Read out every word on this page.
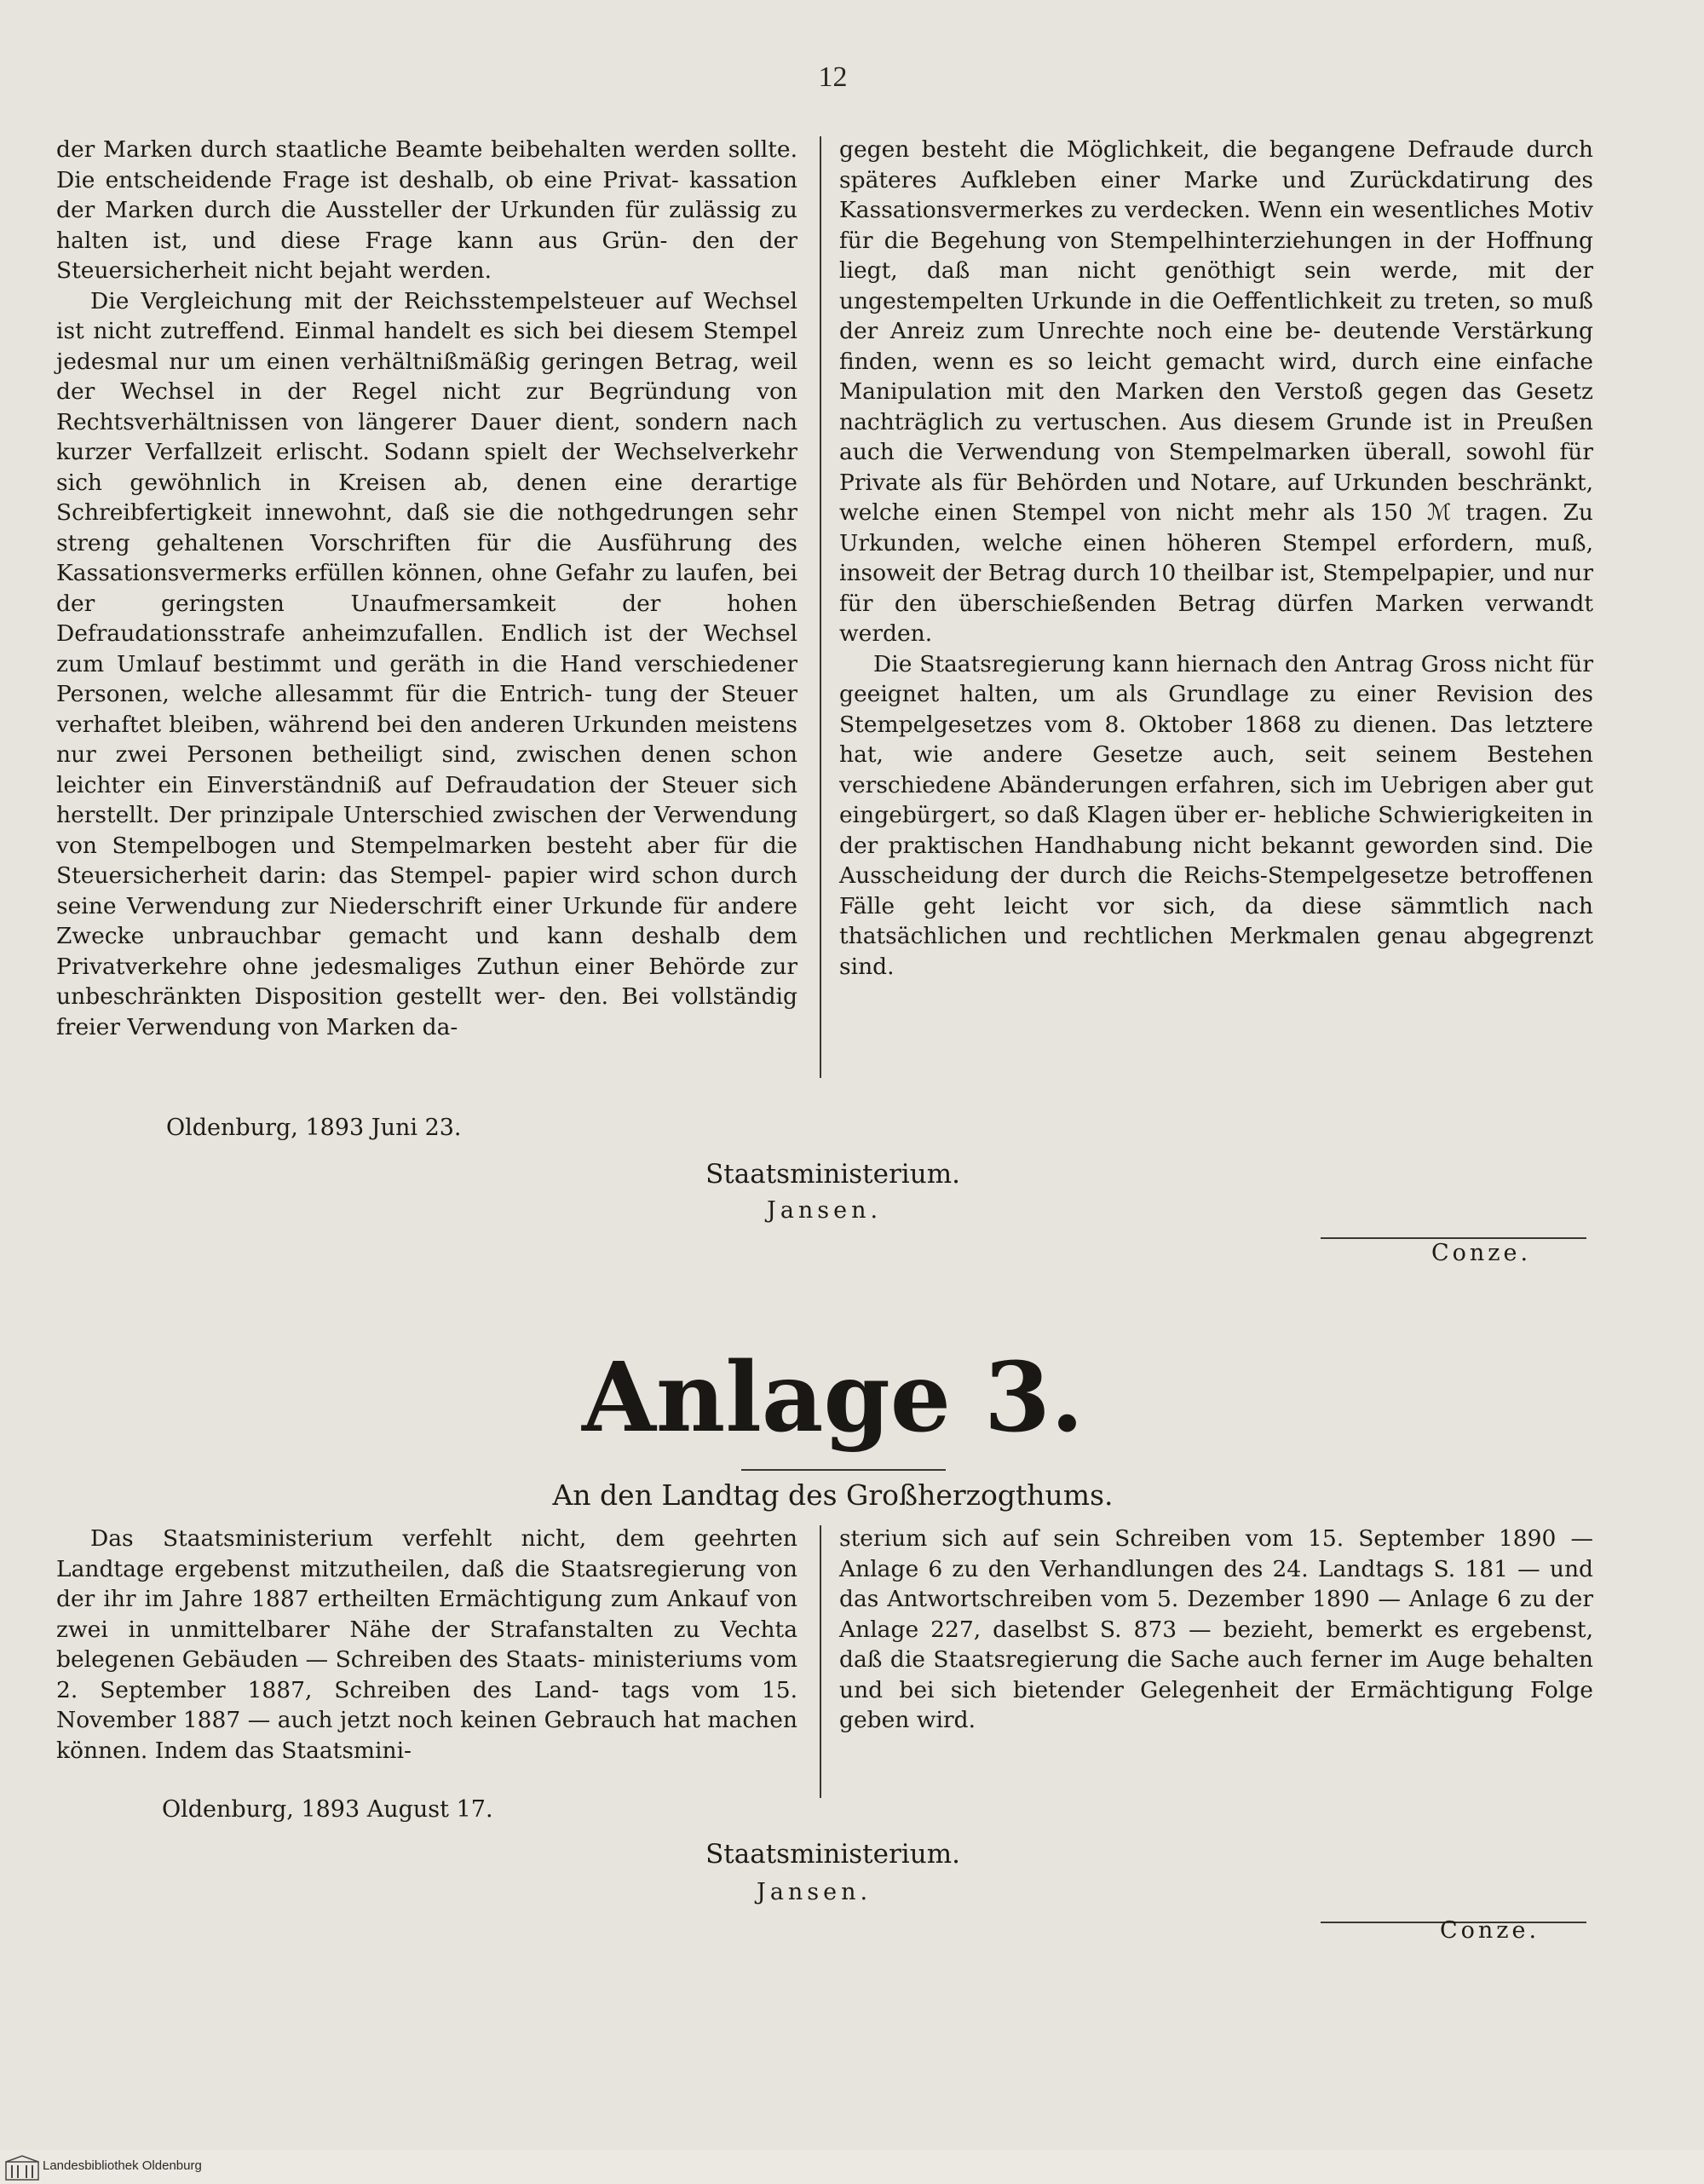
12

der Marken durch staatliche Beamte beibehalten werden sollte. Die entscheidende Frage ist deshalb, ob eine Privat- kassation der Marken durch die Aussteller der Urkunden für zulässig zu halten ist, und diese Frage kann aus Grün- den der Steuersicherheit nicht bejaht werden.

Die Vergleichung mit der Reichsstempelsteuer auf Wechsel ist nicht zutreffend. Einmal handelt es sich bei diesem Stempel jedesmal nur um einen verhältnißmäßig geringen Betrag, weil der Wechsel in der Regel nicht zur Begründung von Rechtsverhältnissen von längerer Dauer dient, sondern nach kurzer Verfallzeit erlischt. Sodann spielt der Wechselverkehr sich gewöhnlich in Kreisen ab, denen eine derartige Schreibfertigkeit innewohnt, daß sie die nothgedrungen sehr streng gehaltenen Vorschriften für die Ausführung des Kassationsvermerks erfüllen können, ohne Gefahr zu laufen, bei der geringsten Unaufmersamkeit der hohen Defraudationsstrafe anheimzufallen. Endlich ist der Wechsel zum Umlauf bestimmt und geräth in die Hand verschiedener Personen, welche allesammt für die Entrich- tung der Steuer verhaftet bleiben, während bei den anderen Urkunden meistens nur zwei Personen betheiligt sind, zwischen denen schon leichter ein Einverständniß auf Defraudation der Steuer sich herstellt. Der prinzipale Unterschied zwischen der Verwendung von Stempelbogen und Stempelmarken besteht aber für die Steuersicherheit darin: das Stempel- papier wird schon durch seine Verwendung zur Niederschrift einer Urkunde für andere Zwecke unbrauchbar gemacht und kann deshalb dem Privatverkehre ohne jedesmaliges Zuthun einer Behörde zur unbeschränkten Disposition gestellt wer- den. Bei vollständig freier Verwendung von Marken da-

gegen besteht die Möglichkeit, die begangene Defraude durch späteres Aufkleben einer Marke und Zurückdatirung des Kassationsvermerkes zu verdecken. Wenn ein wesentliches Motiv für die Begehung von Stempelhinterziehungen in der Hoffnung liegt, daß man nicht genöthigt sein werde, mit der ungestempelten Urkunde in die Oeffentlichkeit zu treten, so muß der Anreiz zum Unrechte noch eine be- deutende Verstärkung finden, wenn es so leicht gemacht wird, durch eine einfache Manipulation mit den Marken den Verstoß gegen das Gesetz nachträglich zu vertuschen. Aus diesem Grunde ist in Preußen auch die Verwendung von Stempelmarken überall, sowohl für Private als für Behörden und Notare, auf Urkunden beschränkt, welche einen Stempel von nicht mehr als 150 ℳ tragen. Zu Urkunden, welche einen höheren Stempel erfordern, muß, insoweit der Betrag durch 10 theilbar ist, Stempelpapier, und nur für den überschießenden Betrag dürfen Marken verwandt werden.

Die Staatsregierung kann hiernach den Antrag Gross nicht für geeignet halten, um als Grundlage zu einer Revision des Stempelgesetzes vom 8. Oktober 1868 zu dienen. Das letztere hat, wie andere Gesetze auch, seit seinem Bestehen verschiedene Abänderungen erfahren, sich im Uebrigen aber gut eingebürgert, so daß Klagen über er- hebliche Schwierigkeiten in der praktischen Handhabung nicht bekannt geworden sind. Die Ausscheidung der durch die Reichs-Stempelgesetze betroffenen Fälle geht leicht vor sich, da diese sämmtlich nach thatsächlichen und rechtlichen Merkmalen genau abgegrenzt sind.

Oldenburg, 1893 Juni 23.
Staatsministerium.
Jansen.
Conze.
Anlage 3.
An den Landtag des Großherzogthums.

Das Staatsministerium verfehlt nicht, dem geehrten Landtage ergebenst mitzutheilen, daß die Staatsregierung von der ihr im Jahre 1887 ertheilten Ermächtigung zum Ankauf von zwei in unmittelbarer Nähe der Strafanstalten zu Vechta belegenen Gebäuden — Schreiben des Staats- ministeriums vom 2. September 1887, Schreiben des Land- tags vom 15. November 1887 — auch jetzt noch keinen Gebrauch hat machen können. Indem das Staatsmini-

sterium sich auf sein Schreiben vom 15. September 1890 — Anlage 6 zu den Verhandlungen des 24. Landtags S. 181 — und das Antwortschreiben vom 5. Dezember 1890 — Anlage 6 zu der Anlage 227, daselbst S. 873 — bezieht, bemerkt es ergebenst, daß die Staatsregierung die Sache auch ferner im Auge behalten und bei sich bietender Gelegenheit der Ermächtigung Folge geben wird.

Oldenburg, 1893 August 17.
Staatsministerium.
Jansen.
Conze.
Landesbibliothek Oldenburg
